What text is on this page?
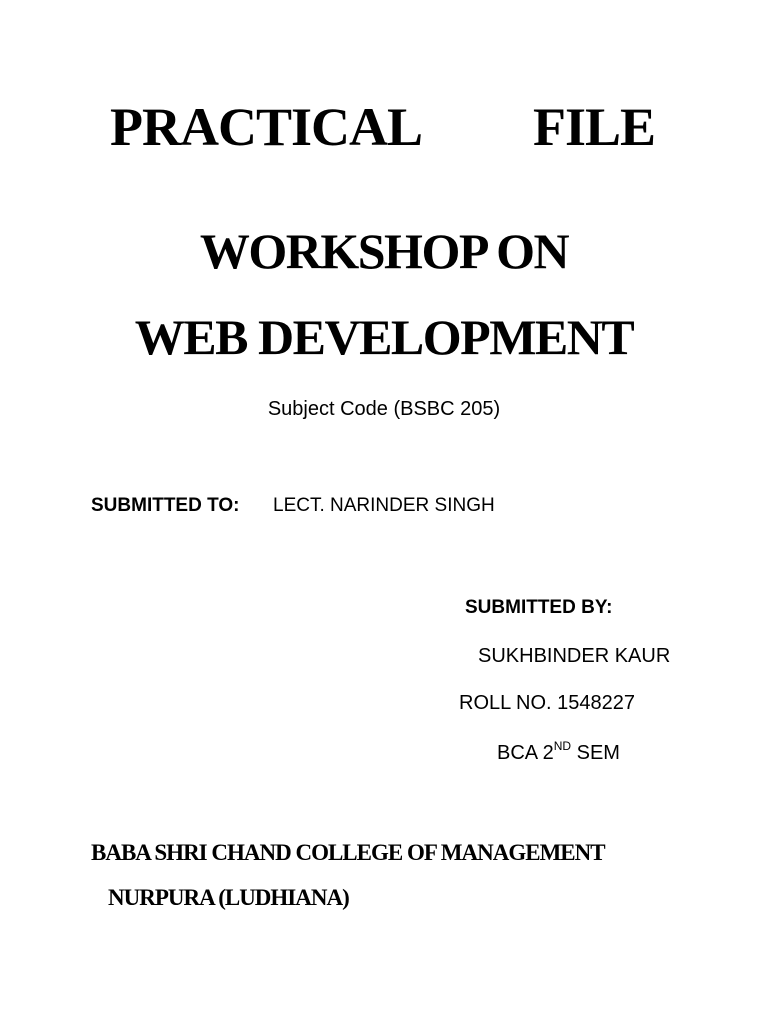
PRACTICAL FILE
WORKSHOP ON
WEB DEVELOPMENT
Subject Code (BSBC 205)
SUBMITTED TO: LECT. NARINDER SINGH
SUBMITTED BY:
SUKHBINDER KAUR
ROLL NO. 1548227
BCA 2ND SEM
BABA SHRI CHAND COLLEGE OF MANAGEMENT
NURPURA (LUDHIANA)
